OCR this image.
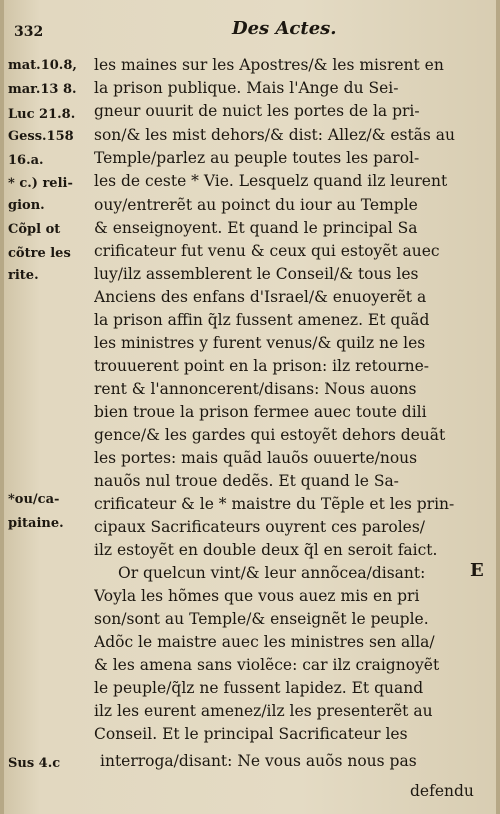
332	Des Actes.
mat.10.8,
mar.13 8.
Luc 21.8.
Gess.158
16.a.
* c.) reli-
gion.
Cõpl ot
cõtre les
rite.
*ou/ca-
pitaine.
Sus 4.c
les maines sur les Apostres/& les misrent en
la prison publique. Mais l'Ange du Sei-
gneur ouurit de nuict les portes de la pri-
son/& les mist dehors/& dist: Allez/& estãs au
Temple/parlez au peuple toutes les parol-
les de ceste * Vie. Lesquelz quand ilz leurent
ouy/entrerẽt au poinct du iour au Temple
& enseignoyent. Et quand le principal Sa
crificateur fut venu & ceux qui estoyẽt auec
luy/ilz assemblerent le Conseil/& tous les
Anciens des enfans d'Israel/& enuoyerẽt a
la prison affin q̃lz fussent amenez. Et quãd
les ministres y furent venus/& quilz ne les
trouuerent point en la prison: ilz retourne-
rent & l'annoncerent/disans: Nous auons
bien troue la prison fermee auec toute dili
gence/& les gardes qui estoyẽt dehors deuãt
les portes: mais quãd lauõs ouuerte/nous
nauõs nul troue dedẽs. Et quand le Sa-
crificateur & le * maistre du Tẽple et les prin-
cipaux Sacrificateurs ouyrent ces paroles/
ilz estoyẽt en double deux q̃l en seroit faict.
Or quelcun vint/& leur annõcea/disant:
Voyla les hõmes que vous auez mis en pri
son/sont au Temple/& enseignẽt le peuple.
Adõc le maistre auec les ministres sen alla/
& les amena sans violẽce: car ilz craignoyẽt
le peuple/q̃lz ne fussent lapidez. Et quand
ilz les eurent amenez/ilz les presenterẽt au
Conseil. Et le principal Sacrificateur les
interroga/disant: Ne vous auõs nous pas
E
defendu
